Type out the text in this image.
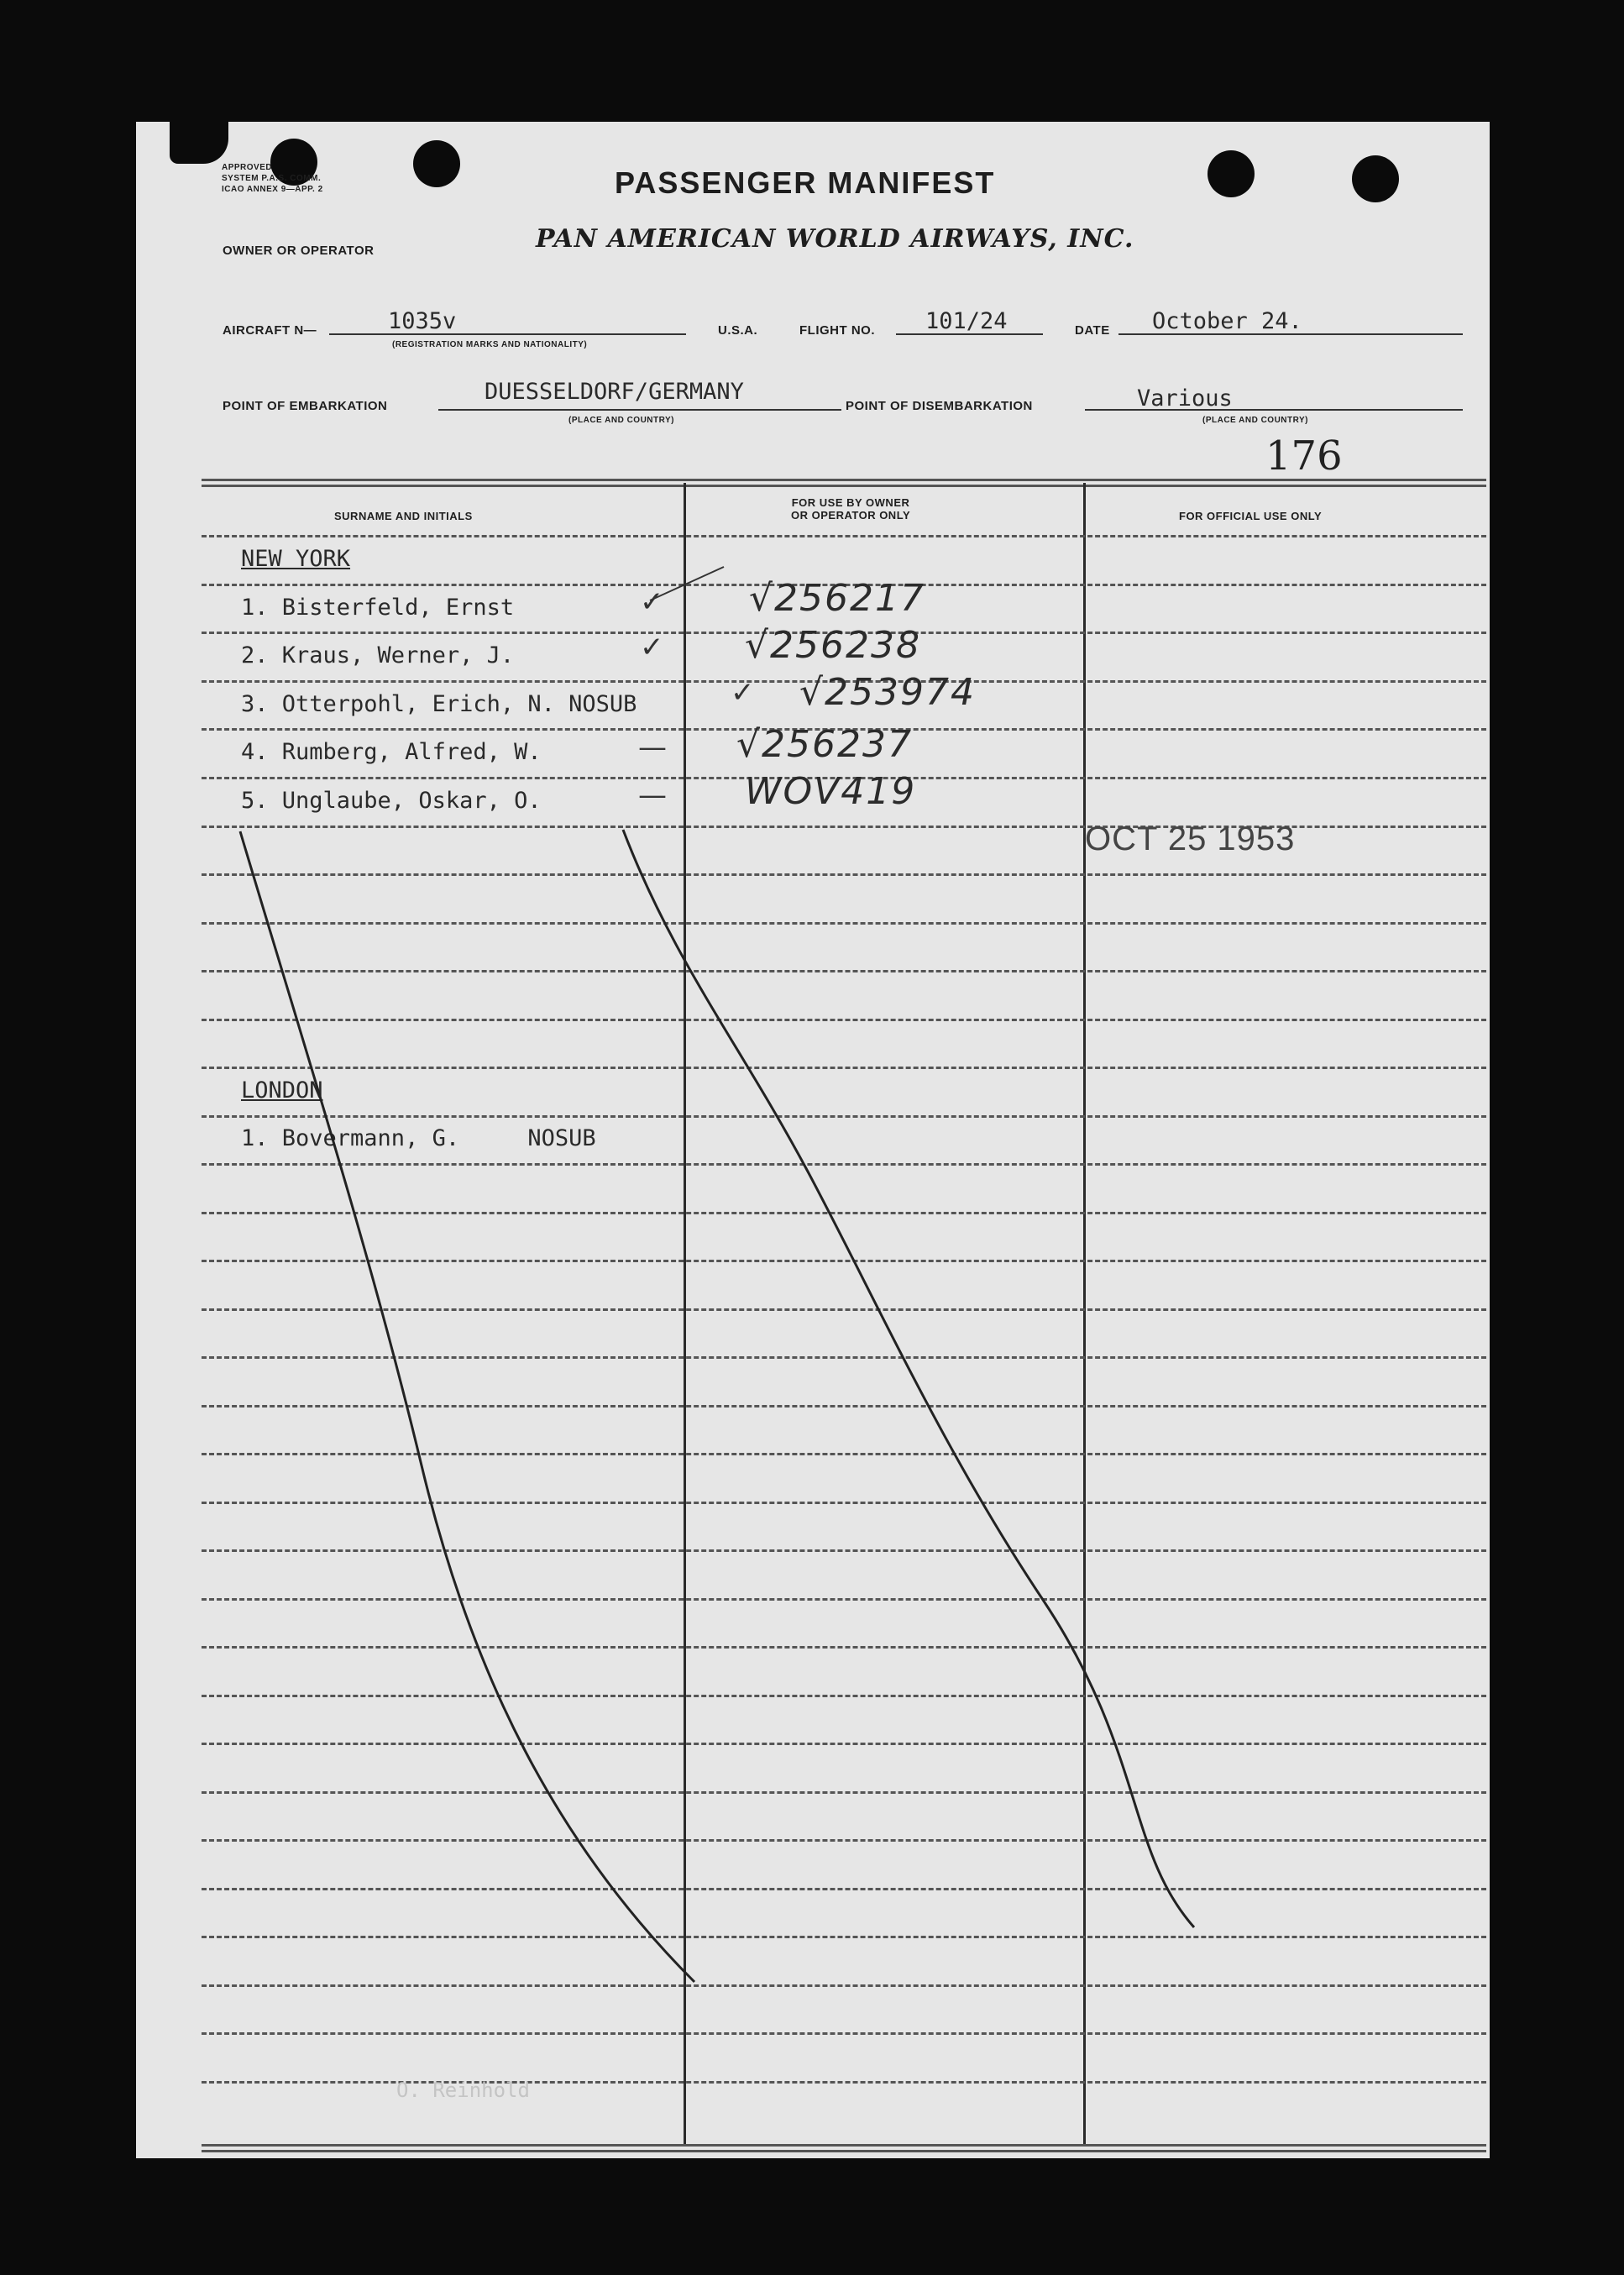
APPROVED
SYSTEM P.A.S. COMM.
ICAO ANNEX 9—APP. 2
OWNER OR OPERATOR
PASSENGER MANIFEST
PAN AMERICAN WORLD AIRWAYS, INC.
AIRCRAFT N—	1035v
(REGISTRATION MARKS AND NATIONALITY)
U.S.A.	FLIGHT NO. 101/24	DATE October 24.
POINT OF EMBARKATION
DUESSELDORF/GERMANY
(PLACE AND COUNTRY)
POINT OF DISEMBARKATION	Various
(PLACE AND COUNTRY)
176
SURNAME AND INITIALS
FOR USE BY OWNER
OR OPERATOR ONLY	FOR OFFICIAL USE ONLY
NEW YORK
1. Bisterfeld, Ernst	✓ √256217
2. Kraus, Werner, J.	✓ √256238
3. Otterpohl, Erich, N. NOSUB	✓ √253974
4. Rumberg, Alfred, W.	— √256237
5. Unglaube, Oskar, O.	— WOV419
OCT 25 1953
LONDON
1. Bovermann, G.     NOSUB
O. Reinhold
